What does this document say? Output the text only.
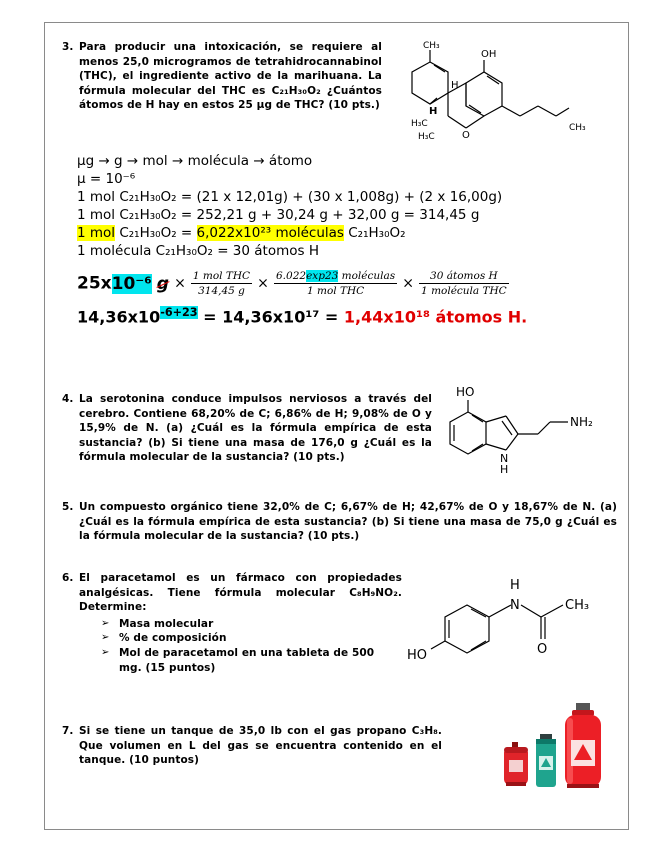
3. Para producir una intoxicación, se requiere al menos 25,0 microgramos de tetrahidrocannabinol (THC), el ingrediente activo de la marihuana. La fórmula molecular del THC es C₂₁H₃₀O₂ ¿Cuántos átomos de H hay en estos 25 µg de THC? (10 pts.)
CH₃
OH
H
H
H₃C
H₃C	O
CH₃
µg → g → mol → molécula → átomo
µ = 10⁻⁶
1 mol C₂₁H₃₀O₂ = (21 x 12,01g) + (30 x 1,008g) + (2 x 16,00g)
1 mol C₂₁H₃₀O₂ = 252,21 g + 30,24 g + 32,00 g = 314,45 g
1 mol C₂₁H₃₀O₂ = 6,022x10²³ moléculas C₂₁H₃₀O₂
1 molécula C₂₁H₃₀O₂ = 30 átomos H
25x10⁻⁶ $g \times \frac{\text{1 mol THC}}{314,45 g} \times \frac{\text{6.022exp23 moléculas}}{\text{1 mol THC}} \times \frac{\text{30 átomos H}}{\text{1 molécula THC}}$
$14,36x10^{-6+23} = 14,36x10^{17} = 1,44x10^{18}$ átomos H.
4. La serotonina conduce impulsos nerviosos a través del cerebro. Contiene 68,20% de C; 6,86% de H; 9,08% de O y 15,9% de N. (a) ¿Cuál es la fórmula empírica de esta sustancia? (b) Si tiene una masa de 176,0 g ¿Cuál es la fórmula molecular de la sustancia? (10 pts.)
HO
NH₂
N
H
5. Un compuesto orgánico tiene 32,0% de C; 6,67% de H; 42,67% de O y 18,67% de N. (a) ¿Cuál es la fórmula empírica de esta sustancia? (b) Si tiene una masa de 75,0 g ¿Cuál es la fórmula molecular de la sustancia? (10 pts.)
6. El paracetamol es un fármaco con propiedades analgésicas. Tiene fórmula molecular C₈H₉NO₂. Determine:
➢ Masa molecular
➢ % de composición
➢ Mol de paracetamol en una tableta de 500 mg. (15 puntos)
H
N	CH₃
O
HO
7. Si se tiene un tanque de 35,0 lb con el gas propano C₃H₈. Que volumen en L del gas se encuentra contenido en el tanque. (10 puntos)
